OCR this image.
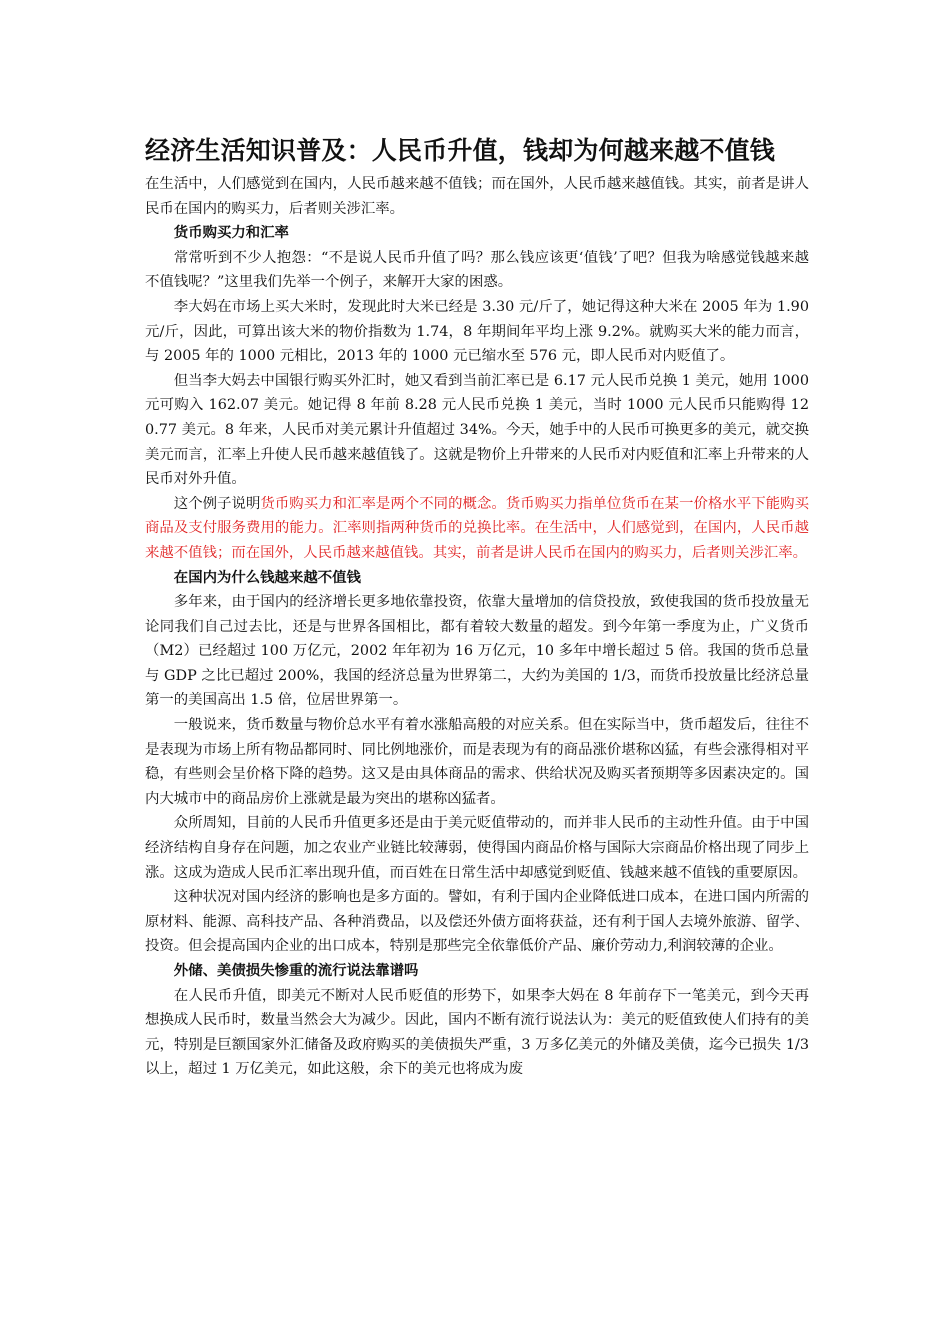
经济生活知识普及：人民币升值，钱却为何越来越不值钱

在生活中，人们感觉到在国内，人民币越来越不值钱；而在国外，人民币越来越值钱。其实，前者是讲人民币在国内的购买力，后者则关涉汇率。

货币购买力和汇率

常常听到不少人抱怨：“不是说人民币升值了吗？那么钱应该更‘值钱’了吧？但我为啥感觉钱越来越不值钱呢？”这里我们先举一个例子，来解开大家的困惑。

李大妈在市场上买大米时，发现此时大米已经是 3.30 元/斤了，她记得这种大米在 2005 年为 1.90 元/斤，因此，可算出该大米的物价指数为 1.74，8 年期间年平均上涨 9.2%。就购买大米的能力而言，与 2005 年的 1000 元相比，2013 年的 1000 元已缩水至 576 元，即人民币对内贬值了。

但当李大妈去中国银行购买外汇时，她又看到当前汇率已是 6.17 元人民币兑换 1 美元，她用 1000 元可购入 162.07 美元。她记得 8 年前 8.28 元人民币兑换 1 美元，当时 1000 元人民币只能购得 120.77 美元。8 年来，人民币对美元累计升值超过 34%。今天，她手中的人民币可换更多的美元，就交换美元而言，汇率上升使人民币越来越值钱了。这就是物价上升带来的人民币对内贬值和汇率上升带来的人民币对外升值。

这个例子说明货币购买力和汇率是两个不同的概念。货币购买力指单位货币在某一价格水平下能购买商品及支付服务费用的能力。汇率则指两种货币的兑换比率。在生活中，人们感觉到，在国内，人民币越来越不值钱；而在国外，人民币越来越值钱。其实，前者是讲人民币在国内的购买力，后者则关涉汇率。

在国内为什么钱越来越不值钱

多年来，由于国内的经济增长更多地依靠投资，依靠大量增加的信贷投放，致使我国的货币投放量无论同我们自己过去比，还是与世界各国相比，都有着较大数量的超发。到今年第一季度为止，广义货币（M2）已经超过 100 万亿元，2002 年年初为 16 万亿元，10 多年中增长超过 5 倍。我国的货币总量与 GDP 之比已超过 200%，我国的经济总量为世界第二，大约为美国的 1/3，而货币投放量比经济总量第一的美国高出 1.5 倍，位居世界第一。

一般说来，货币数量与物价总水平有着水涨船高般的对应关系。但在实际当中，货币超发后，往往不是表现为市场上所有物品都同时、同比例地涨价，而是表现为有的商品涨价堪称凶猛，有些会涨得相对平稳，有些则会呈价格下降的趋势。这又是由具体商品的需求、供给状况及购买者预期等多因素决定的。国内大城市中的商品房价上涨就是最为突出的堪称凶猛者。

众所周知，目前的人民币升值更多还是由于美元贬值带动的，而并非人民币的主动性升值。由于中国经济结构自身存在问题，加之农业产业链比较薄弱，使得国内商品价格与国际大宗商品价格出现了同步上涨。这成为造成人民币汇率出现升值，而百姓在日常生活中却感觉到贬值、钱越来越不值钱的重要原因。

这种状况对国内经济的影响也是多方面的。譬如，有利于国内企业降低进口成本，在进口国内所需的原材料、能源、高科技产品、各种消费品，以及偿还外债方面将获益，还有利于国人去境外旅游、留学、投资。但会提高国内企业的出口成本，特别是那些完全依靠低价产品、廉价劳动力,利润较薄的企业。

外储、美债损失惨重的流行说法靠谱吗

在人民币升值，即美元不断对人民币贬值的形势下，如果李大妈在 8 年前存下一笔美元，到今天再想换成人民币时，数量当然会大为减少。因此，国内不断有流行说法认为：美元的贬值致使人们持有的美元，特别是巨额国家外汇储备及政府购买的美债损失严重，3 万多亿美元的外储及美债，迄今已损失 1/3 以上，超过 1 万亿美元，如此这般，余下的美元也将成为废
